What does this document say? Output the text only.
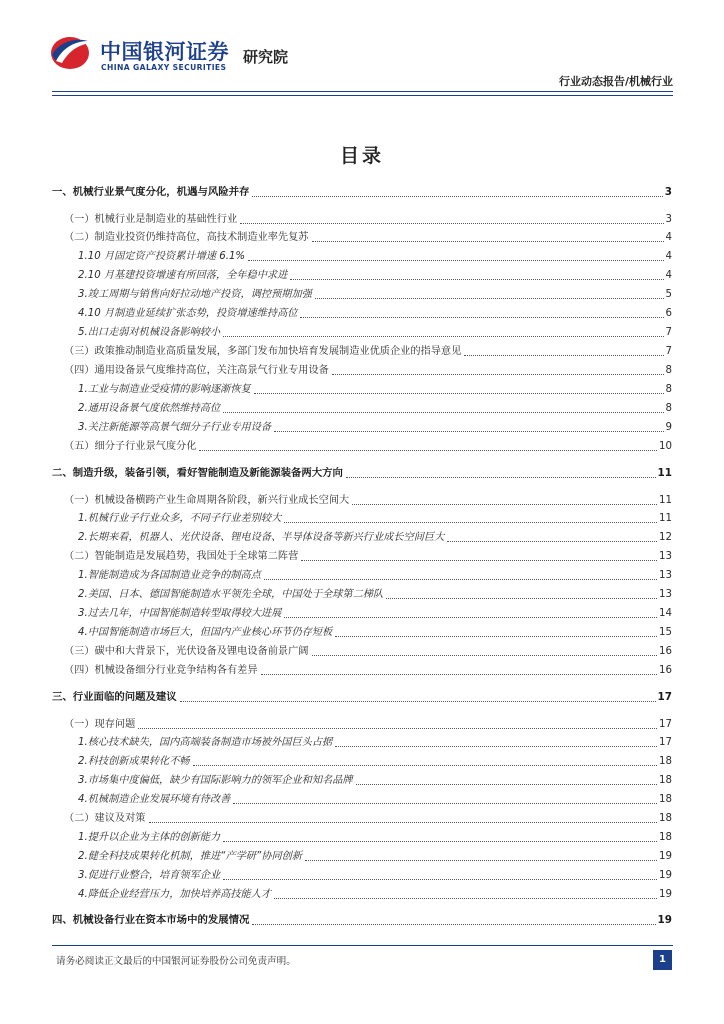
中国银河证券
CHINA GALAXY SECURITIES
研究院
行业动态报告/机械行业
目录
一、机械行业景气度分化，机遇与风险并存	3
（一）机械行业是制造业的基础性行业	3
（二）制造业投资仍维持高位，高技术制造业率先复苏	4
1.10 月固定资产投资累计增速 6.1%	4
2.10 月基建投资增速有所回落，全年稳中求进	4
3.竣工周期与销售向好拉动地产投资，调控预期加强	5
4.10 月制造业延续扩张态势，投资增速维持高位	6
5.出口走弱对机械设备影响较小	7
（三）政策推动制造业高质量发展，多部门发布加快培育发展制造业优质企业的指导意见	7
（四）通用设备景气度维持高位，关注高景气行业专用设备	8
1.工业与制造业受疫情的影响逐渐恢复	8
2.通用设备景气度依然维持高位	8
3.关注新能源等高景气细分子行业专用设备	9
（五）细分子行业景气度分化	10
二、制造升级，装备引领，看好智能制造及新能源装备两大方向	11
（一）机械设备横跨产业生命周期各阶段，新兴行业成长空间大	11
1.机械行业子行业众多，不同子行业差别较大	11
2.长期来看，机器人、光伏设备、锂电设备、半导体设备等新兴行业成长空间巨大	12
（二）智能制造是发展趋势，我国处于全球第二阵营	13
1.智能制造成为各国制造业竞争的制高点	13
2.美国、日本、德国智能制造水平领先全球，中国处于全球第二梯队	13
3.过去几年，中国智能制造转型取得较大进展	14
4.中国智能制造市场巨大，但国内产业核心环节仍存短板	15
（三）碳中和大背景下，光伏设备及锂电设备前景广阔	16
（四）机械设备细分行业竞争结构各有差异	16
三、行业面临的问题及建议	17
（一）现存问题	17
1.核心技术缺失，国内高端装备制造市场被外国巨头占据	17
2.科技创新成果转化不畅	18
3.市场集中度偏低，缺少有国际影响力的领军企业和知名品牌	18
4.机械制造企业发展环境有待改善	18
（二）建议及对策	18
1.提升以企业为主体的创新能力	18
2.健全科技成果转化机制，推进“产学研”协同创新	19
3.促进行业整合，培育领军企业	19
4.降低企业经营压力，加快培养高技能人才	19
四、机械设备行业在资本市场中的发展情况	19
请务必阅读正文最后的中国银河证券股份公司免责声明。	1
